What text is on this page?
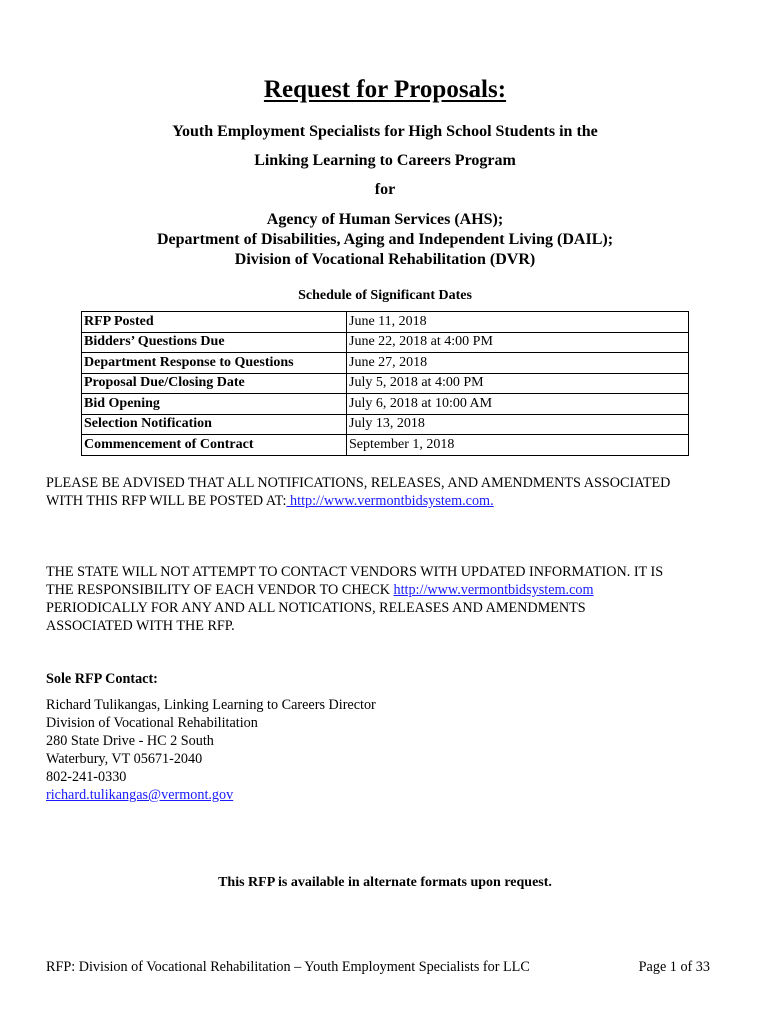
Request for Proposals:
Youth Employment Specialists for High School Students in the
Linking Learning to Careers Program
for
Agency of Human Services (AHS);
Department of Disabilities, Aging and Independent Living (DAIL);
Division of Vocational Rehabilitation (DVR)
Schedule of Significant Dates
RFP Posted	June 11, 2018
Bidders’ Questions Due	June 22, 2018 at 4:00 PM
Department Response to Questions	June 27, 2018
Proposal Due/Closing Date	July 5, 2018 at 4:00 PM
Bid Opening	July 6, 2018 at 10:00 AM
Selection Notification	July 13, 2018
Commencement of Contract	September 1, 2018
PLEASE BE ADVISED THAT ALL NOTIFICATIONS, RELEASES, AND AMENDMENTS ASSOCIATED
WITH THIS RFP WILL BE POSTED AT: http://www.vermontbidsystem.com.
THE STATE WILL NOT ATTEMPT TO CONTACT VENDORS WITH UPDATED INFORMATION. IT IS
THE RESPONSIBILITY OF EACH VENDOR TO CHECK http://www.vermontbidsystem.com
PERIODICALLY FOR ANY AND ALL NOTICATIONS, RELEASES AND AMENDMENTS
ASSOCIATED WITH THE RFP.
Sole RFP Contact:
Richard Tulikangas, Linking Learning to Careers Director
Division of Vocational Rehabilitation
280 State Drive - HC 2 South
Waterbury, VT 05671-2040
802-241-0330
richard.tulikangas@vermont.gov
This RFP is available in alternate formats upon request.
RFP: Division of Vocational Rehabilitation – Youth Employment Specialists for LLC	Page 1 of 33
